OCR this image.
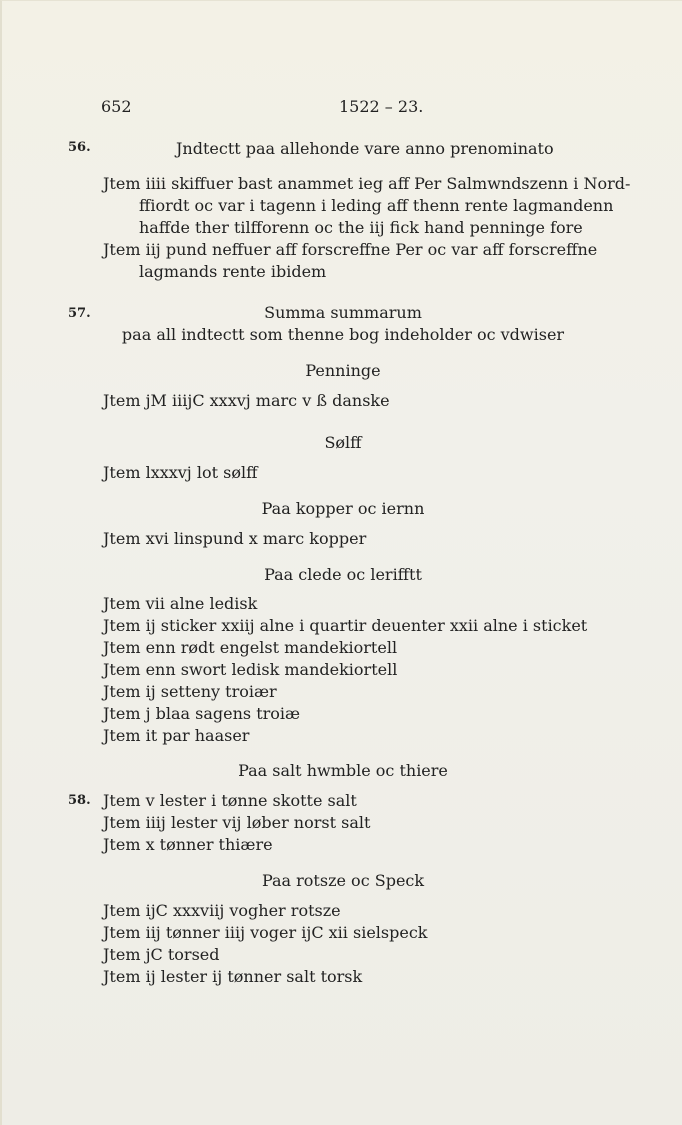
652	1522 – 23.
56.	Jndtectt paa allehonde vare anno prenominato
Jtem iiii skiffuer bast anammet ieg aff Per Salmwndszenn i Nord-
ffiordt oc var i tagenn i leding aff thenn rente lagmandenn
haffde ther tilfforenn oc the iij fick hand penninge fore
Jtem iij pund neffuer aff forscreffne Per oc var aff forscreffne
lagmands rente ibidem
57.	Summa summarum
paa all indtectt som thenne bog indeholder oc vdwiser
Penninge
Jtem jM iiijC xxxvj marc v ß danske
Sølff
Jtem lxxxvj lot sølff
Paa kopper oc iernn
Jtem xvi linspund x marc kopper
Paa clede oc lerifftt
Jtem vii alne ledisk
Jtem ij sticker xxiij alne i quartir deuenter xxii alne i sticket
Jtem enn rødt engelst mandekiortell
Jtem enn swort ledisk mandekiortell
Jtem ij setteny troiær
Jtem j blaa sagens troiæ
Jtem it par haaser
Paa salt hwmble oc thiere
58. Jtem v lester i tønne skotte salt
Jtem iiij lester vij løber norst salt
Jtem x tønner thiære
Paa rotsze oc Speck
Jtem ijC xxxviij vogher rotsze
Jtem iij tønner iiij voger ijC xii sielspeck
Jtem jC torsed
Jtem ij lester ij tønner salt torsk
